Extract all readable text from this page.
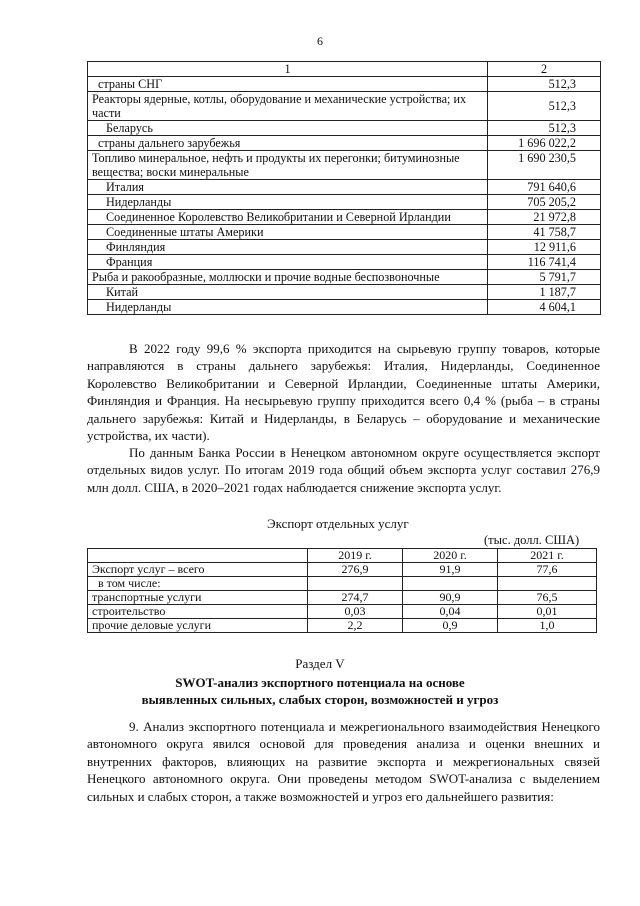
6
1	2
страны СНГ	512,3
Реакторы ядерные, котлы, оборудование и механические устройства; их части	512,3
Беларусь	512,3
страны дальнего зарубежья	1 696 022,2
Топливо минеральное, нефть и продукты их перегонки; битуминозные вещества; воски минеральные	1 690 230,5
Италия	791 640,6
Нидерланды	705 205,2
Соединенное Королевство Великобритании и Северной Ирландии	21 972,8
Соединенные штаты Америки	41 758,7
Финляндия	12 911,6
Франция	116 741,4
Рыба и ракообразные, моллюски и прочие водные беспозвоночные	5 791,7
Китай	1 187,7
Нидерланды	4 604,1

В 2022 году 99,6 % экспорта приходится на сырьевую группу товаров, которые направляются в страны дальнего зарубежья: Италия, Нидерланды, Соединенное Королевство Великобритании и Северной Ирландии, Соединенные штаты Америки, Финляндия и Франция. На несырьевую группу приходится всего 0,4 % (рыба – в страны дальнего зарубежья: Китай и Нидерланды, в Беларусь – оборудование и механические устройства, их части).

По данным Банка России в Ненецком автономном округе осуществляется экспорт отдельных видов услуг. По итогам 2019 года общий объем экспорта услуг составил 276,9 млн долл. США, в 2020–2021 годах наблюдается снижение экспорта услуг.

Экспорт отдельных услуг
(тыс. долл. США)
	2019 г.	2020 г.	2021 г.
Экспорт услуг – всего	276,9	91,9	77,6
в том числе:			
транспортные услуги	274,7	90,9	76,5
строительство	0,03	0,04	0,01
прочие деловые услуги	2,2	0,9	1,0
Раздел V
SWOT-анализ экспортного потенциала на основе
выявленных сильных, слабых сторон, возможностей и угроз

9. Анализ экспортного потенциала и межрегионального взаимодействия Ненецкого автономного округа явился основой для проведения анализа и оценки внешних и внутренних факторов, влияющих на развитие экспорта и межрегиональных связей Ненецкого автономного округа. Они проведены методом SWOT-анализа с выделением сильных и слабых сторон, а также возможностей и угроз его дальнейшего развития:
